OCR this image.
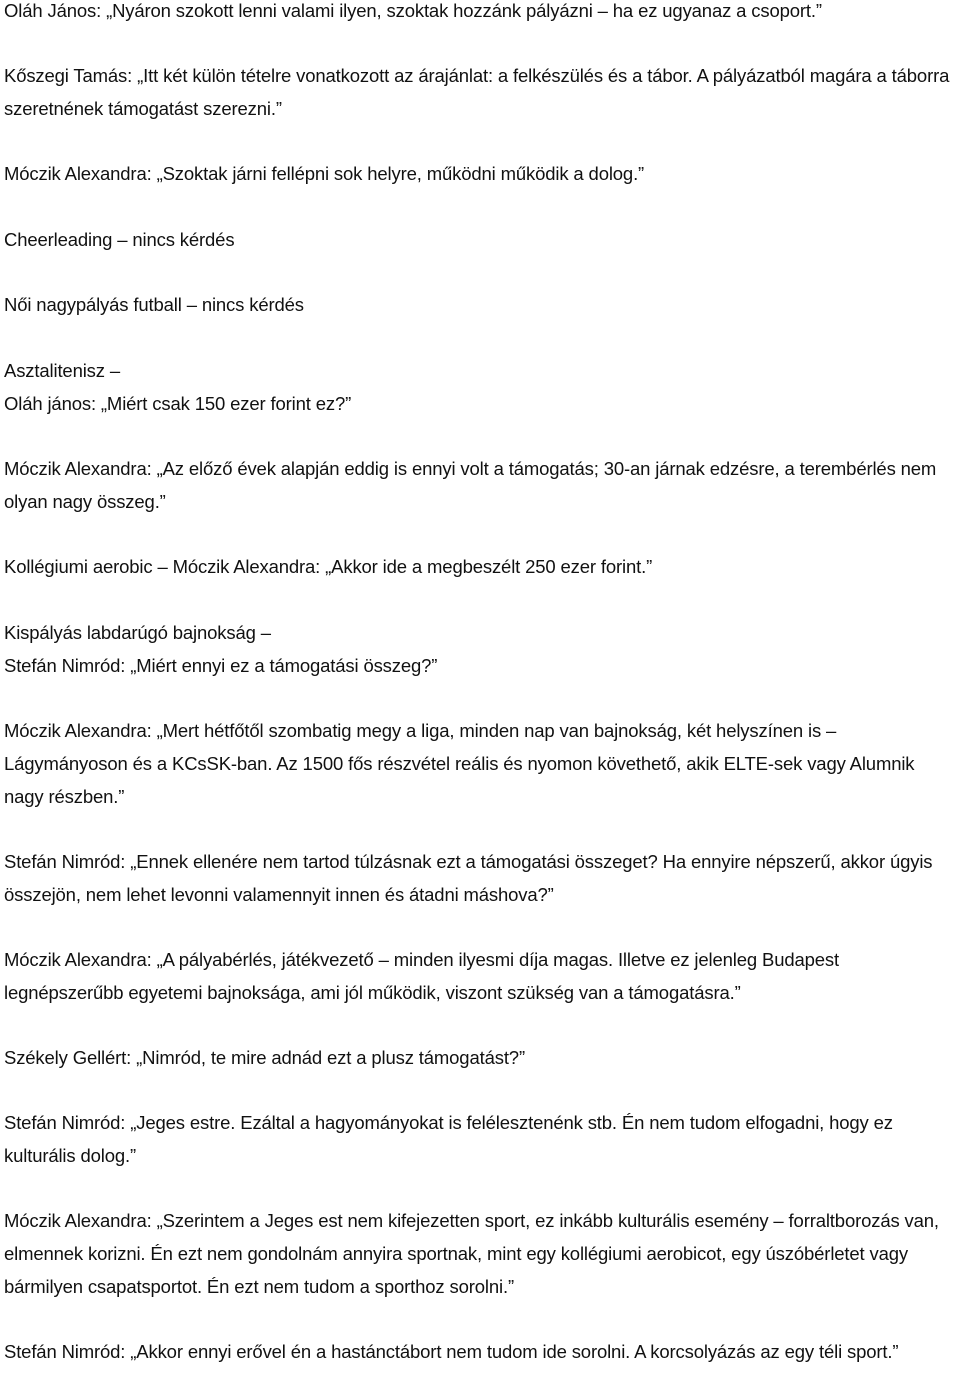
Oláh János: „Nyáron szokott lenni valami ilyen, szoktak hozzánk pályázni – ha ez ugyanaz a csoport.”

Kőszegi Tamás: „Itt két külön tételre vonatkozott az árajánlat: a felkészülés és a tábor. A pályázatból magára a táborra szeretnének támogatást szerezni.”

Móczik Alexandra: „Szoktak járni fellépni sok helyre, működni működik a dolog.”

Cheerleading – nincs kérdés

Női nagypályás futball – nincs kérdés

Asztalitenisz –

Oláh jános: „Miért csak 150 ezer forint ez?”

Móczik Alexandra: „Az előző évek alapján eddig is ennyi volt a támogatás; 30-an járnak edzésre, a terembérlés nem olyan nagy összeg.”

Kollégiumi aerobic – Móczik Alexandra: „Akkor ide a megbeszélt 250 ezer forint.”

Kispályás labdarúgó bajnokság –

Stefán Nimród: „Miért ennyi ez a támogatási összeg?”

Móczik Alexandra: „Mert hétfőtől szombatig megy a liga, minden nap van bajnokság, két helyszínen is – Lágymányoson és a KCsSK-ban. Az 1500 fős részvétel reális és nyomon követhető, akik ELTE-sek vagy Alumnik nagy részben.”

Stefán Nimród: „Ennek ellenére nem tartod túlzásnak ezt a támogatási összeget? Ha ennyire népszerű, akkor úgyis összejön, nem lehet levonni valamennyit innen és átadni máshova?”

Móczik Alexandra: „A pályabérlés, játékvezető – minden ilyesmi díja magas. Illetve ez jelenleg Budapest legnépszerűbb egyetemi bajnoksága, ami jól működik, viszont szükség van a támogatásra.”

Székely Gellért: „Nimród, te mire adnád ezt a plusz támogatást?”

Stefán Nimród: „Jeges estre. Ezáltal a hagyományokat is felélesztenénk stb. Én nem tudom elfogadni, hogy ez kulturális dolog.”

Móczik Alexandra: „Szerintem a Jeges est nem kifejezetten sport, ez inkább kulturális esemény – forraltborozás van, elmennek korizni. Én ezt nem gondolnám annyira sportnak, mint egy kollégiumi aerobicot, egy úszóbérletet vagy bármilyen csapatsportot. Én ezt nem tudom a sporthoz sorolni.”

Stefán Nimród: „Akkor ennyi erővel én a hastánctábort nem tudom ide sorolni. A korcsolyázás az egy téli sport.”
